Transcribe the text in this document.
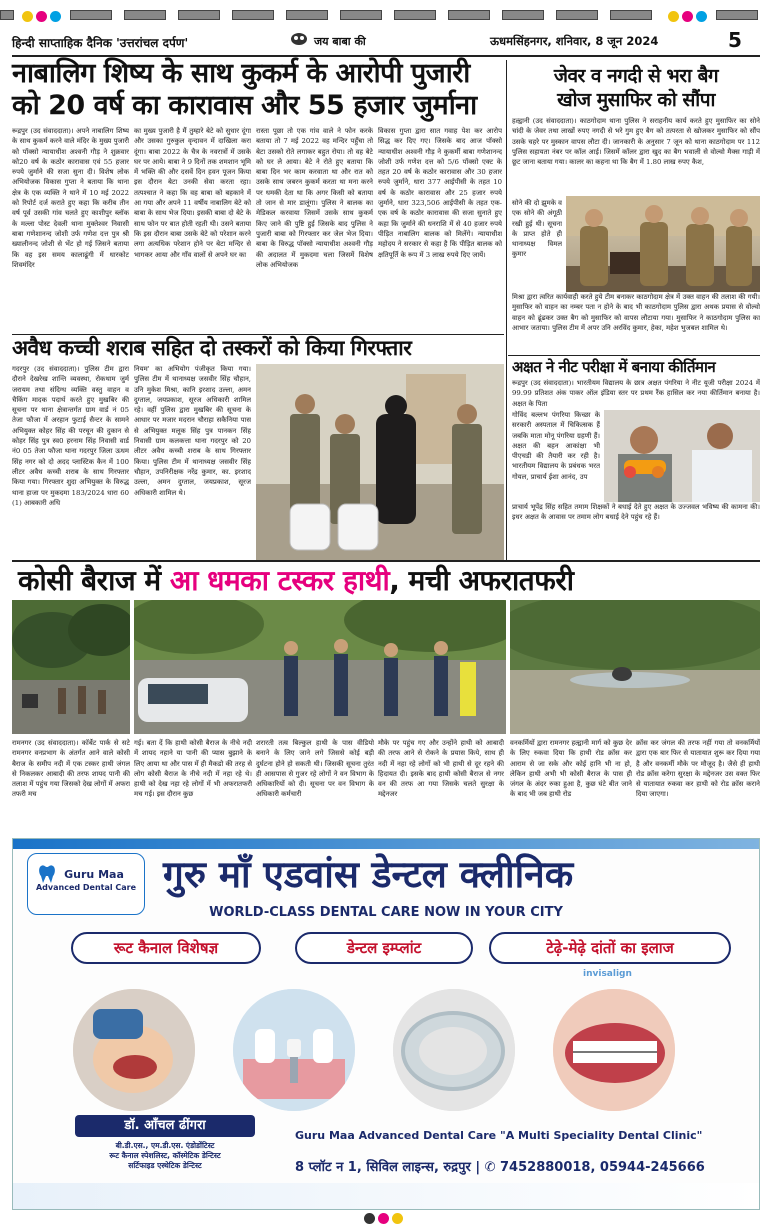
हिन्दी साप्ताहिक दैनिक 'उत्तरांचल दर्पण'	जय बाबा की	ऊधमसिंहनगर, शनिवार, 8 जून 2024	5
नाबालिग शिष्य के साथ कुकर्म के आरोपी पुजारी
को 20 वर्ष का कारावास और 55 हजार जुर्माना
रूद्रपुर (उद संवाददाता)। अपने नाबालिग शिष्य के साथ कुकर्म करने वाले मंदिर के मुख्य पुजारी को पॉक्सो न्यायाधीश अश्वनी गौड़ ने शुक्रवार को20 वर्ष के कठोर कारावास एवं 55 हजार रुपये जुर्माने की सजा सुना दी। विशेष लोक अभियोजक विकास गुप्ता ने बताया कि थाना क्षेत्र के एक व्यक्ति ने थाने में 10 मई 2022 को रिपोर्ट दर्ज कराते हुए कहा कि करीब तीन वर्ष पूर्व उसकी गांव चलते हुए काशीपुर ब्लॉक के मल्ला पोस्ट देवली थाना मुक्तेश्वर निवासी बाबा गणेशानन्द जोशी उर्फ गणेश दत्त पुत्र श्री ख्यालीनन्द जोशी से भेंट हो गई जिसने बताया कि वह इस समय कालाढूंगी में धारकोट शिवमंदिर
का मुख्य पुजारी है मैं तुम्हारे बेटे को सुधार दूंगा और उसका गुरुकुल वृन्दावन में दाखिला करा दूंगा। बाबा 2022 के चैत्र के नवरात्रों में उसके घर पर आये। बाबा ने 9 दिनों तक शमशान भूमि में भक्ति की और दसवें दिन हवन पूजन किया इस दौरान बेटा उनकी सेवा करता रहा। तत्पश्चात ने कहा कि वह बाबा को बहकाने में आ गया और अपने 11 वर्षीय नाबालिग बेटे को बाबा के साथ भेज दिया। इसकी बाबा दो बेटे के साथ फोन पर बात होती रहती थी। उसने बताया कि इस दौरान बाबा उसके बेटे को परेशान करने लगा अत्यधिक परेशान होने पर बेटा मन्दिर से भागकर आया और गाँव वालों से अपने घर का
रास्ता पूछा तो एक गांव वाले ने फोन करके बताया तो 7 मई 2022 वह मन्दिर पहुँचा तो बेटा उसको रोते लगाकर बहुत रोया। तो वह बेटे को घर ले आया। बेटे ने रोते हुए बताया कि बाबा दिन भर काम करवाता था और रात को उसके साथ जबरन कुकर्म करता था मना करने पर धमकी देता था कि अगर किसी को बताया तो जान से मार डालूंगा। पुलिस ने बालक का मेडिकल करवाया जिसमें उसके साथ कुकर्म किए जाने की पुष्टि हुई जिसके बाद पुलिस ने पुजारी बाबा को गिरफ्तार कर जेल भेज दिया। बाबा के विरुद्ध पॉक्सो न्यायाधीश अश्वनी गौड़ की अदालत में मुकदमा चला जिसमें विशेष लोक अभियोजक
विकास गुप्ता द्वारा सात गवाह पेश कर आरोप सिद्ध कर दिए गए। जिसके बाद आज पॉक्सो न्यायाधीश अश्वनी गौड़ ने कुकर्मी बाबा गणेशानन्द जोशी उर्फ गणेश दत्त को 5/6 पॉक्सो एक्ट के तहत 20 वर्ष के कठोर कारावास और 30 हजार रुपये जुर्माने, धारा 377 आईपीसी के तहत 10 वर्ष के कठोर कारावास और 25 हजार रुपये जुर्माने, धारा 323,506 आईपीसी के तहत एक-एक वर्ष के कठोर कारावास की सजा सुनाते हुए कहा कि जुर्माने की धनराशि में से 40 हजार रुपये पीड़ित नाबालिग बालक को मिलेंगे। न्यायाधीश महोदय ने सरकार से कहा है कि पीड़ित बालक को क्षतिपूर्ति के रूप में 3 लाख रुपये दिए जायें।
जेवर व नगदी से भरा बैग
खोज मुसाफिर को सौंपा
हल्द्वानी (उद संवाददाता)। काठगोदाम थाना पुलिस ने सराहनीय कार्य करते हुए मुसाफिर का सोने चांदी के जेवर तथा लाखों रुपए नगदी से भरे गुम हुए बैग को तत्परता से खोजकर मुसाफिर को सौंप उसके चहरे पर मुस्कान वापस लौटा दी। जानकारी के अनुसार 7 जून को थाना काठगोदाम पर 112 पुलिस सहायता नंबर पर कॉल आई। जिसमें कॉलर द्वारा खुद का बैग भवाली से वोल्वो मैक्स गाड़ी में छूट जाना बताया गया। कालर का कहना था कि बैग में 1.80 लाख रुपए कैश,
सोने की दो झुमके व एक सोने की अंगूठी रखी हुई थी। सूचना के प्राप्त होते ही थानाध्यक्ष विमल कुमार
मिश्रा द्वारा त्वरित कार्यवाही करते हुये टीम बनाकर काठगोदाम क्षेत्र में उक्त वाहन की तलाश की गयी। मुसाफिर को वाहन का नम्बर पता न होने के बाद भी काठगोदाम पुलिस द्वारा अथक प्रयास से वोल्वो वाहन को ढूंढकर उक्त बैग को मुसाफिर को वापस लौटाया गया। मुसाफिर ने काठगोदाम पुलिस का आभार जताया। पुलिस टीम में अपर उनि अरविंद कुमार, हेका, महेश भुजबल शामिल थे।
अवैध कच्ची शराब सहित दो तस्करों को किया गिरफ्तार
गदरपुर (उद संवाददाता)। पुलिस टीम द्वारा दौराने देखरेख शान्ति व्यवस्था, रोकथाम जुर्म जरायम तथा संदिग्ध व्यक्ति वस्तु वाहन व चैकिंग मादक पदार्थ करते हुए मुखबिर की सूचना पर थाना क्षेत्रान्तर्गत ग्राम वार्ड नं 05 तेजा फौजा में अरहान फुटाई सैन्टर के सामने अभियुक्त कोहर सिंह की परचून की दुकान से कोहर सिंह पुत्र स्व0 हरनाम सिंह निवासी वार्ड नं0 05 तेजा फौजा थाना गदरपुर जिला ऊधम सिंह नगर को दो अदद प्लास्टिक कैन में 100 लीटर अवैध कच्ची शराब के साथ गिरफ्तार किया गया। गिरफ्तार शुदा अभियुक्त के विरुद्ध थाना हाजा पर मुकदमा 183/2024 धारा 60 (1) आबकारी अधि
नियम' का अभियोग पंजीकृत किया गया। पुलिस टीम में थानाध्यक्ष जसवीर सिंह चौहान, उनि मुकेश मिश्रा, कानि इरशाद उल्ला, अमन दुग्ताल, जयप्रकाश, सूरज अधिकारी शामिल रहे। वहीं पुलिस द्वारा मुखबिर की सूचना के आधार पर मजार मदरान चौराहा सकैनिया पास से अभियुक्त मलूक सिंह पुत्र पानकन सिंह निवासी ग्राम कलकत्ता थाना गदरपुर को 20 लीटर अवैध कच्ची शराब के साथ गिरफ्तार किया। पुलिस टीम में थानाध्यक्ष जसवीर सिंह चौहान, उपनिरीक्षक नरेंद्र कुमार, का. इरशाद उल्ला, अमन दुग्ताल, जयप्रकाश, सूरज अधिकारी शामिल थे।
अक्षत ने नीट परीक्षा में बनाया कीर्तिमान
रूद्रपुर (उद संवाददाता)। भारतीयम विद्यालय के छात्र अक्षत पंगरिया ने नीट यूजी परीक्षा 2024 में 99.99 प्रतिशत अंक पाकर ऑल इंडिया स्तर पर प्रथम रैंक हासिल कर नया कीर्तिमान बनाया है। अक्षत के पिता
गोविंद बल्लभ पंगरिया किच्छा के सरकारी अस्पताल में चिकित्सक हैं जबकि माता मोनू पंगरिया ग्रहणी हैं। अक्षत की बहन आकांक्षा भी पीएचडी की तैयारी कर रही है। भारतीयम विद्यालय के प्रबंधक भरत गोयल, प्राचार्य ईशा आनंद, उप
प्राचार्य भूपेंद्र सिंह सहित तमाम शिक्षकों ने बधाई देते हुए अक्षत के उज्जवल भविष्य की कामना की। इधर अक्षत के आवास पर तमाम लोग बधाई देने पहुंच रहे हैं।
कोसी बैराज में आ धमका टस्कर हाथी, मची अफरातफरी
रामनगर (उद संवाददाता)। कॉर्बेट पार्क से सटे रामनगर वनप्रभाग के अंतर्गत आने वाले कोसी बैराज के समीप नदी में एक टस्कर हाथी जंगल से निकलकर आबादी की तरफ शायद पानी की तलाश में पहुंच गया जिसको देख लोगों में अफरा तफरी मच
गई। बता दें कि हाथी कोसी बैराज के नीचे नदी में शायद नहाने या पानी की प्यास बुझाने के लिए आया था और पास में ही मैकडो की तरह से लोग कोसी बैराज के नीचे नदी में नहा रहे थे। हाथी को देख नहा रहे लोगों में भी अफरातफरी मच गई। इस दौरान कुछ
शरारती तत्व बिल्कुल हाथी के पास वीडियो बनाने के लिए जाने लगे जिससे कोई बड़ी दुर्घटना होने हो सकती थी। जिसकी सूचना तुरंत ही आसपास से गुजर रहे लोगों ने वन विभाग के अधिकारियों को दी। सूचना पर वन विभाग के अधिकारी कर्मचारी
मौके पर पहुंच गए और उन्होंने हाथी को आबादी की तरफ आने से रोकने के प्रयास किये, साथ ही नदी में नहा रहे लोगों को भी हाथी से दूर रहने की हिदायत दी। इसके बाद हाथी कोसी बैराज से नगर वन की तरफ आ गया जिसके चलते सुरक्षा के मद्देनजर
वनकर्मियों द्वारा रामनगर हल्द्वानी मार्ग को कुछ देर के लिए रुकवा दिया कि हाथी रोड क्रॉस कर आराम से जा सके और कोई हानि भी ना हो, लेकिन हाथी अभी भी कोसी बैराज के पास ही जंगल के अंदर रुका हुआ है, कुछ घंटे बीत जाने के बाद भी जब हाथी रोड
क्रॉस कर जंगल की तरफ नहीं गया तो वनकर्मियों द्वारा एक बार फिर से यातायात शुरू कर दिया गया है और वनकर्मी मौके पर मौजूद है। जैसे ही हाथी रोड क्रॉस करेगा सुरक्षा के मद्देनजर उस वक्त फिर से यातायात रुकवा कर हाथी को रोड क्रॉस कराने दिया जाएगा।
Guru Maa
Advanced Dental Care गुरु माँ एडवांस डेन्टल क्लीनिक
WORLD-CLASS DENTAL CARE NOW IN YOUR CITY
रूट कैनाल विशेषज्ञ	डेन्टल इम्प्लांट	टेढ़े-मेढ़े दांतों का इलाज
invisalign
डॉ. आँचल ढींगरा
बी.डी.एस., एम.डी.एस. एंडोडोंटिस्ट
रूट कैनाल स्पेशलिस्ट, कॉस्मेटिक डेन्टिस्ट
सर्टिफाइड एस्थेटिक डेन्टिस्ट
Guru Maa Advanced Dental Care "A Multi Speciality Dental Clinic"
8 प्लॉट न 1, सिविल लाइन्स, रुद्रपुर | ✆ 7452880018, 05944-245666
